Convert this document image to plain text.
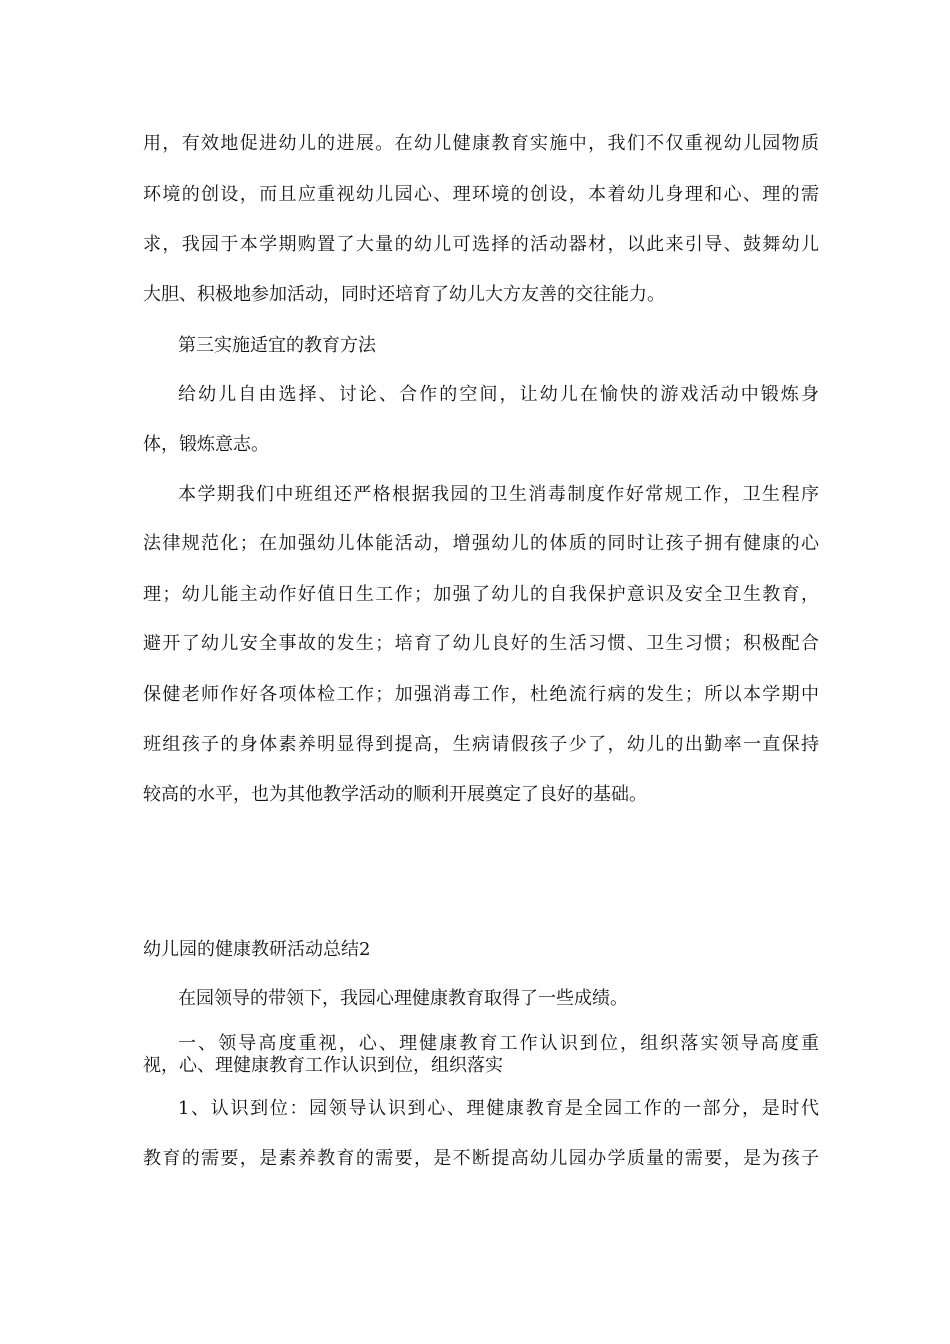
用，有效地促进幼儿的进展。在幼儿健康教育实施中，我们不仅重视幼儿园物质
环境的创设，而且应重视幼儿园心、理环境的创设，本着幼儿身理和心、理的需
求，我园于本学期购置了大量的幼儿可选择的活动器材，以此来引导、鼓舞幼儿
大胆、积极地参加活动，同时还培育了幼儿大方友善的交往能力。
第三实施适宜的教育方法
给幼儿自由选择、讨论、合作的空间，让幼儿在愉快的游戏活动中锻炼身
体，锻炼意志。
本学期我们中班组还严格根据我园的卫生消毒制度作好常规工作，卫生程序
法律规范化；在加强幼儿体能活动，增强幼儿的体质的同时让孩子拥有健康的心
理；幼儿能主动作好值日生工作；加强了幼儿的自我保护意识及安全卫生教育，
避开了幼儿安全事故的发生；培育了幼儿良好的生活习惯、卫生习惯；积极配合
保健老师作好各项体检工作；加强消毒工作，杜绝流行病的发生；所以本学期中
班组孩子的身体素养明显得到提高，生病请假孩子少了，幼儿的出勤率一直保持
较高的水平，也为其他教学活动的顺利开展奠定了良好的基础。
幼儿园的健康教研活动总结2
在园领导的带领下，我园心理健康教育取得了一些成绩。
一、领导高度重视，心、理健康教育工作认识到位，组织落实领导高度重
视，心、理健康教育工作认识到位，组织落实
1、认识到位：园领导认识到心、理健康教育是全园工作的一部分，是时代
教育的需要，是素养教育的需要，是不断提高幼儿园办学质量的需要，是为孩子
